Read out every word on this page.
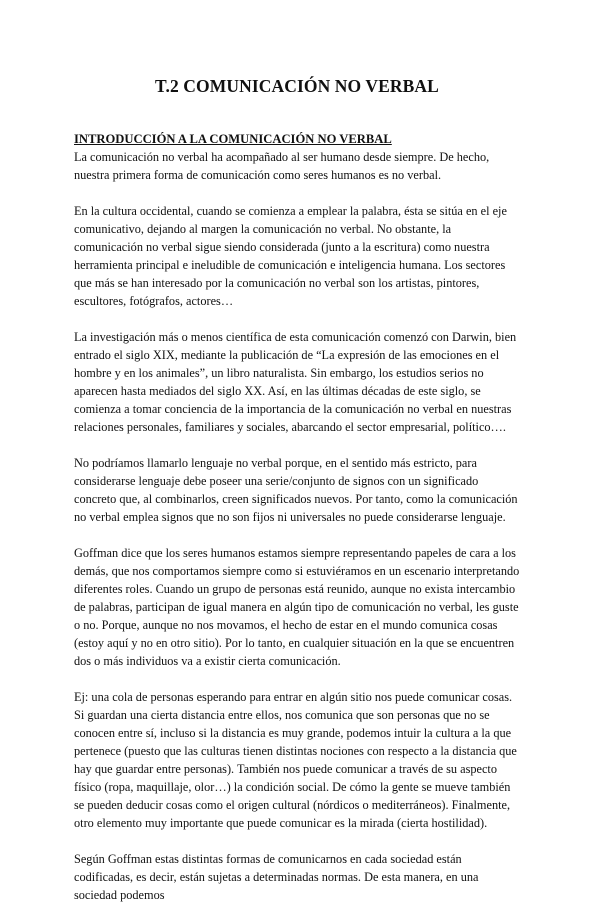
T.2 COMUNICACIÓN NO VERBAL
INTRODUCCIÓN A LA COMUNICACIÓN NO VERBAL

La comunicación no verbal ha acompañado al ser humano desde siempre. De hecho, nuestra primera forma de comunicación como seres humanos es no verbal.

En la cultura occidental, cuando se comienza a emplear la palabra, ésta se sitúa en el eje comunicativo, dejando al margen la comunicación no verbal. No obstante, la comunicación no verbal sigue siendo considerada (junto a la escritura) como nuestra herramienta principal e ineludible de comunicación e inteligencia humana. Los sectores que más se han interesado por la comunicación no verbal son los artistas, pintores, escultores, fotógrafos, actores…

La investigación más o menos científica de esta comunicación comenzó con Darwin, bien entrado el siglo XIX, mediante la publicación de “La expresión de las emociones en el hombre y en los animales”, un libro naturalista. Sin embargo, los estudios serios no aparecen hasta mediados del siglo XX. Así, en las últimas décadas de este siglo, se comienza a tomar conciencia de la importancia de la comunicación no verbal en nuestras relaciones personales, familiares y sociales, abarcando el sector empresarial, político….

No podríamos llamarlo lenguaje no verbal porque, en el sentido más estricto, para considerarse lenguaje debe poseer una serie/conjunto de signos con un significado concreto que, al combinarlos, creen significados nuevos. Por tanto, como la comunicación no verbal emplea signos que no son fijos ni universales no puede considerarse lenguaje.

Goffman dice que los seres humanos estamos siempre representando papeles de cara a los demás, que nos comportamos siempre como si estuviéramos en un escenario interpretando diferentes roles. Cuando un grupo de personas está reunido, aunque no exista intercambio de palabras, participan de igual manera en algún tipo de comunicación no verbal, les guste o no. Porque, aunque no nos movamos, el hecho de estar en el mundo comunica cosas (estoy aquí y no en otro sitio). Por lo tanto, en cualquier situación en la que se encuentren dos o más individuos va a existir cierta comunicación.

Ej: una cola de personas esperando para entrar en algún sitio nos puede comunicar cosas. Si guardan una cierta distancia entre ellos, nos comunica que son personas que no se conocen entre sí, incluso si la distancia es muy grande, podemos intuir la cultura a la que pertenece (puesto que las culturas tienen distintas nociones con respecto a la distancia que hay que guardar entre personas). También nos puede comunicar a través de su aspecto físico (ropa, maquillaje, olor…) la condición social. De cómo la gente se mueve también se pueden deducir cosas como el origen cultural (nórdicos o mediterráneos). Finalmente, otro elemento muy importante que puede comunicar es la mirada (cierta hostilidad).

Según Goffman estas distintas formas de comunicarnos en cada sociedad están codificadas, es decir, están sujetas a determinadas normas. De esta manera, en una sociedad podemos
